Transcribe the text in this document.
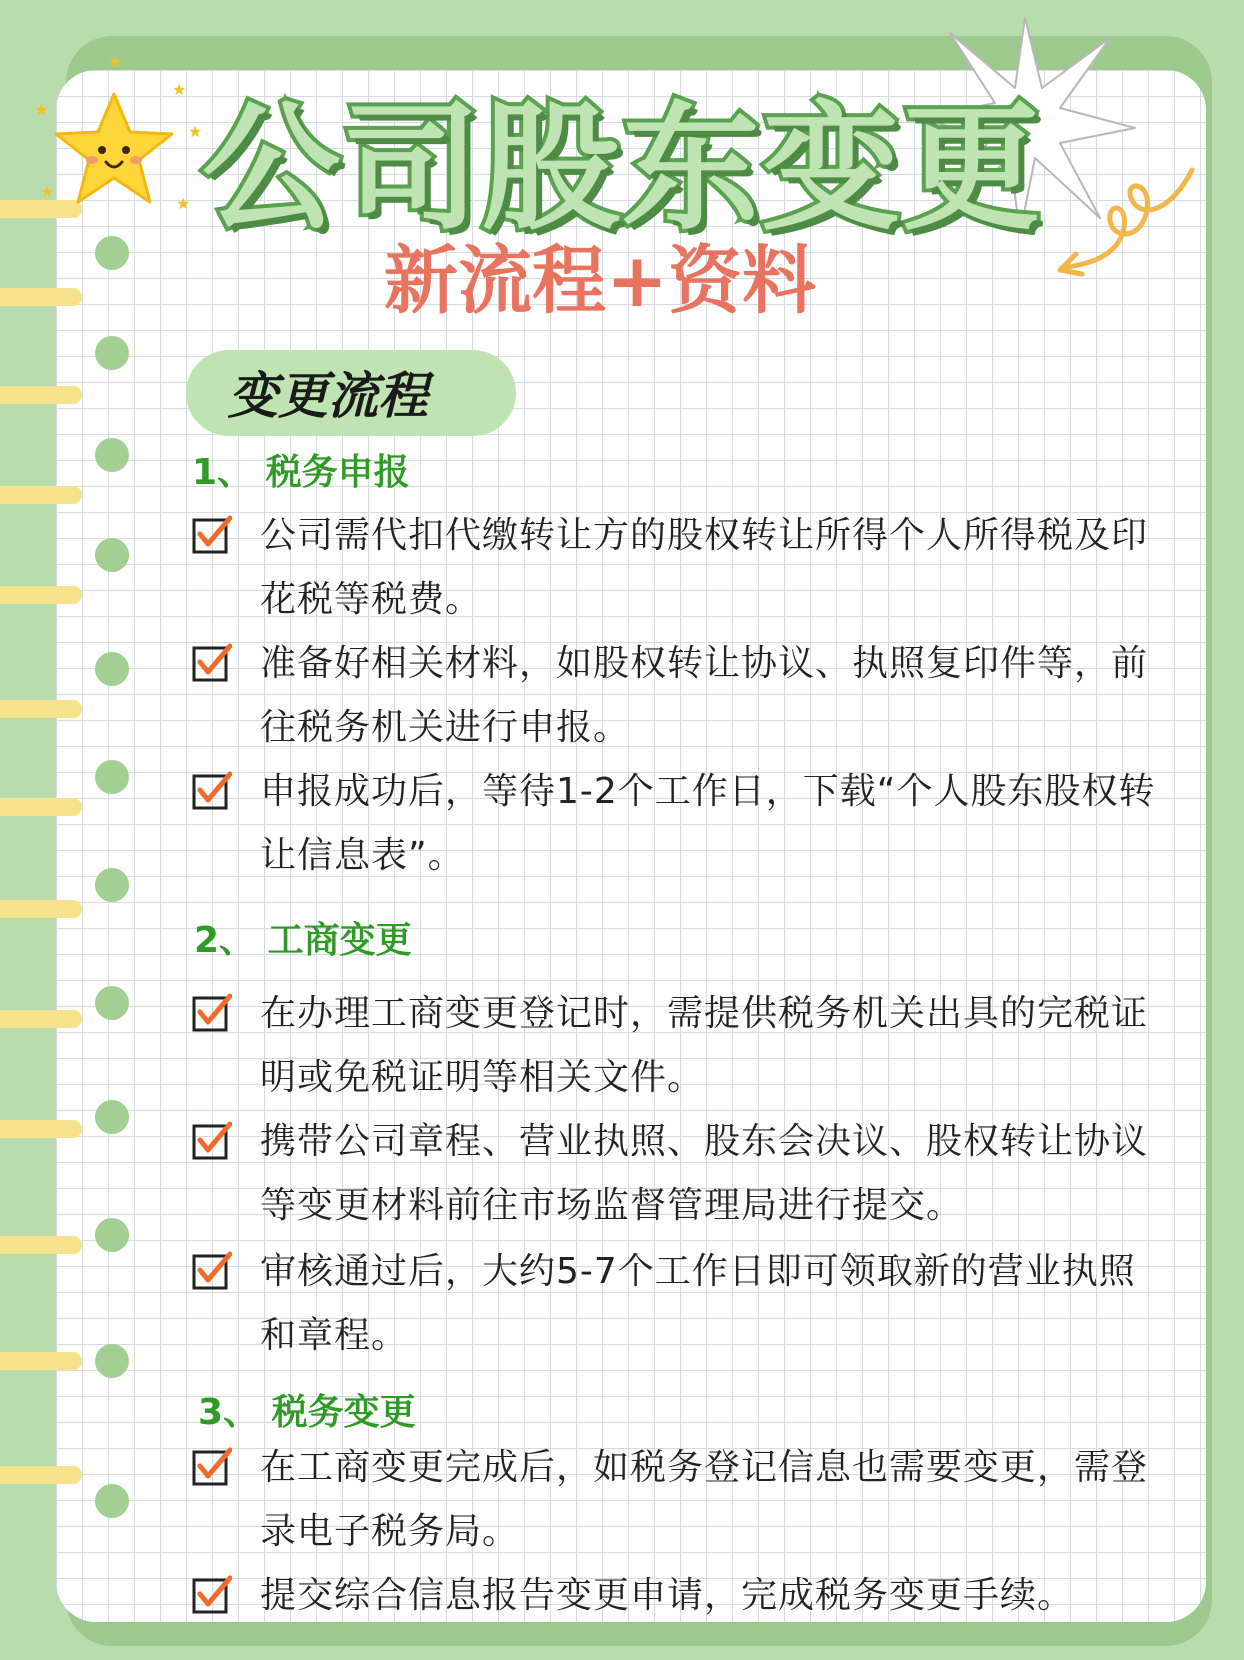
★
★
★
★
★
★	公司股东变更
新流程+资料
变更流程
1、 税务申报
公司需代扣代缴转让方的股权转让所得个人所得税及印花税等税费。
准备好相关材料，如股权转让协议、执照复印件等，前往税务机关进行申报。
申报成功后，等待1-2个工作日，下载“个人股东股权转让信息表”。
2、 工商变更
在办理工商变更登记时，需提供税务机关出具的完税证明或免税证明等相关文件。
携带公司章程、营业执照、股东会决议、股权转让协议等变更材料前往市场监督管理局进行提交。
审核通过后，大约5-7个工作日即可领取新的营业执照和章程。
3、 税务变更
在工商变更完成后，如税务登记信息也需要变更，需登录电子税务局。
提交综合信息报告变更申请，完成税务变更手续。
